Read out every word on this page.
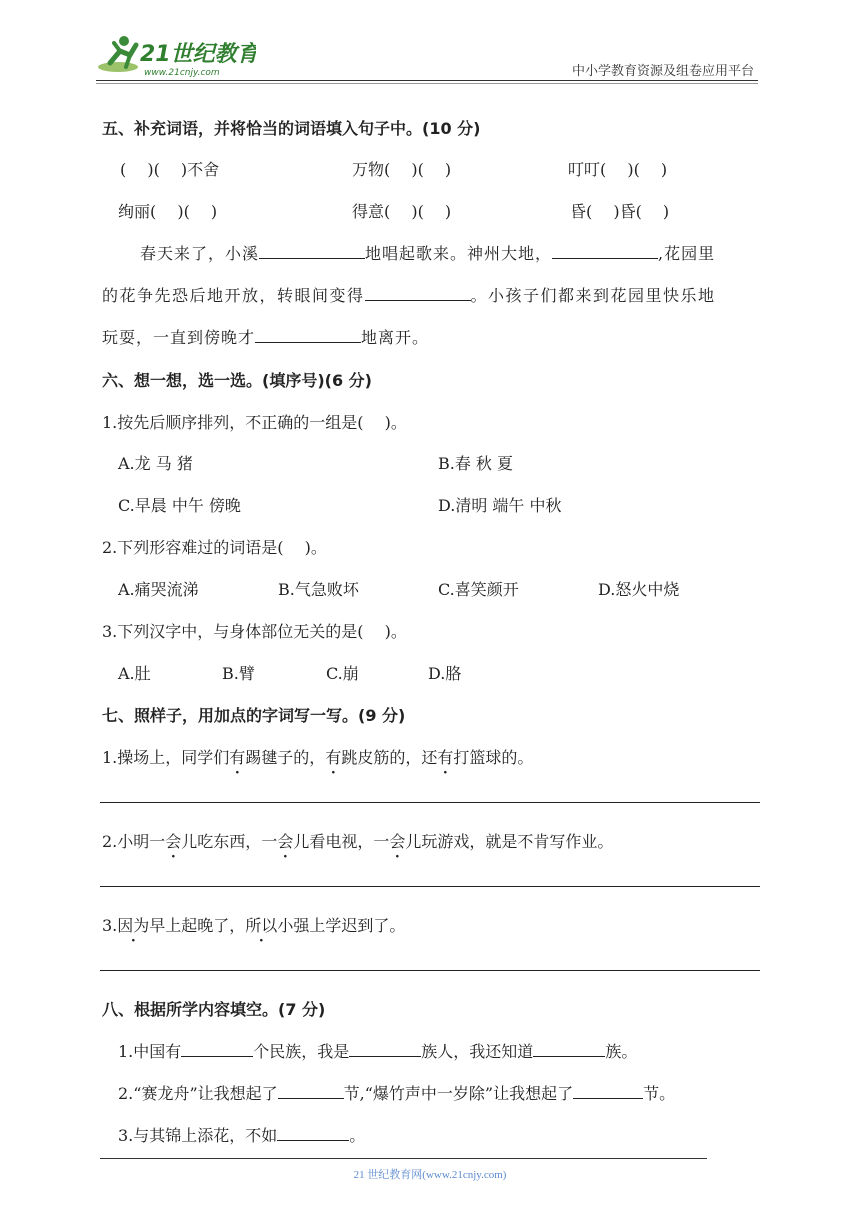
21世纪教育
www.21cnjy.com	中小学教育资源及组卷应用平台
五、补充词语，并将恰当的词语填入句子中。(10 分)
(　 )(　 )不舍	万物(　 )(　 )	叮叮(　 )(　 )
绚丽(　 )(　 )	得意(　 )(　 )	昏(　 )昏(　 )
春天来了，小溪	地唱起歌来。神州大地，	,花园里
的花争先恐后地开放，转眼间变得	。小孩子们都来到花园里快乐地
玩耍，一直到傍晚才	地离开。
六、想一想，选一选。(填序号)(6 分)
1.按先后顺序排列，不正确的一组是(　 )。
A.龙 马 猪	B.春 秋 夏
C.早晨 中午 傍晚	D.清明 端午 中秋
2.下列形容难过的词语是(　 )。
A.痛哭流涕	B.气急败坏	C.喜笑颜开	D.怒火中烧
3.下列汉字中，与身体部位无关的是(　 )。
A.肚	B.臂	C.崩	D.胳
七、照样子，用加点的字词写一写。(9 分)
1.操场上，同学们有踢毽子的，有跳皮筋的，还有打篮球的。
2.小明一会儿吃东西，一会儿看电视，一会儿玩游戏，就是不肯写作业。
3.因为早上起晚了，所以小强上学迟到了。
八、根据所学内容填空。(7 分)
1.中国有	个民族，我是	族人，我还知道	族。
2.“赛龙舟”让我想起了	节,“爆竹声中一岁除”让我想起了	节。
3.与其锦上添花，不如	。
21 世纪教育网(www.21cnjy.com)
